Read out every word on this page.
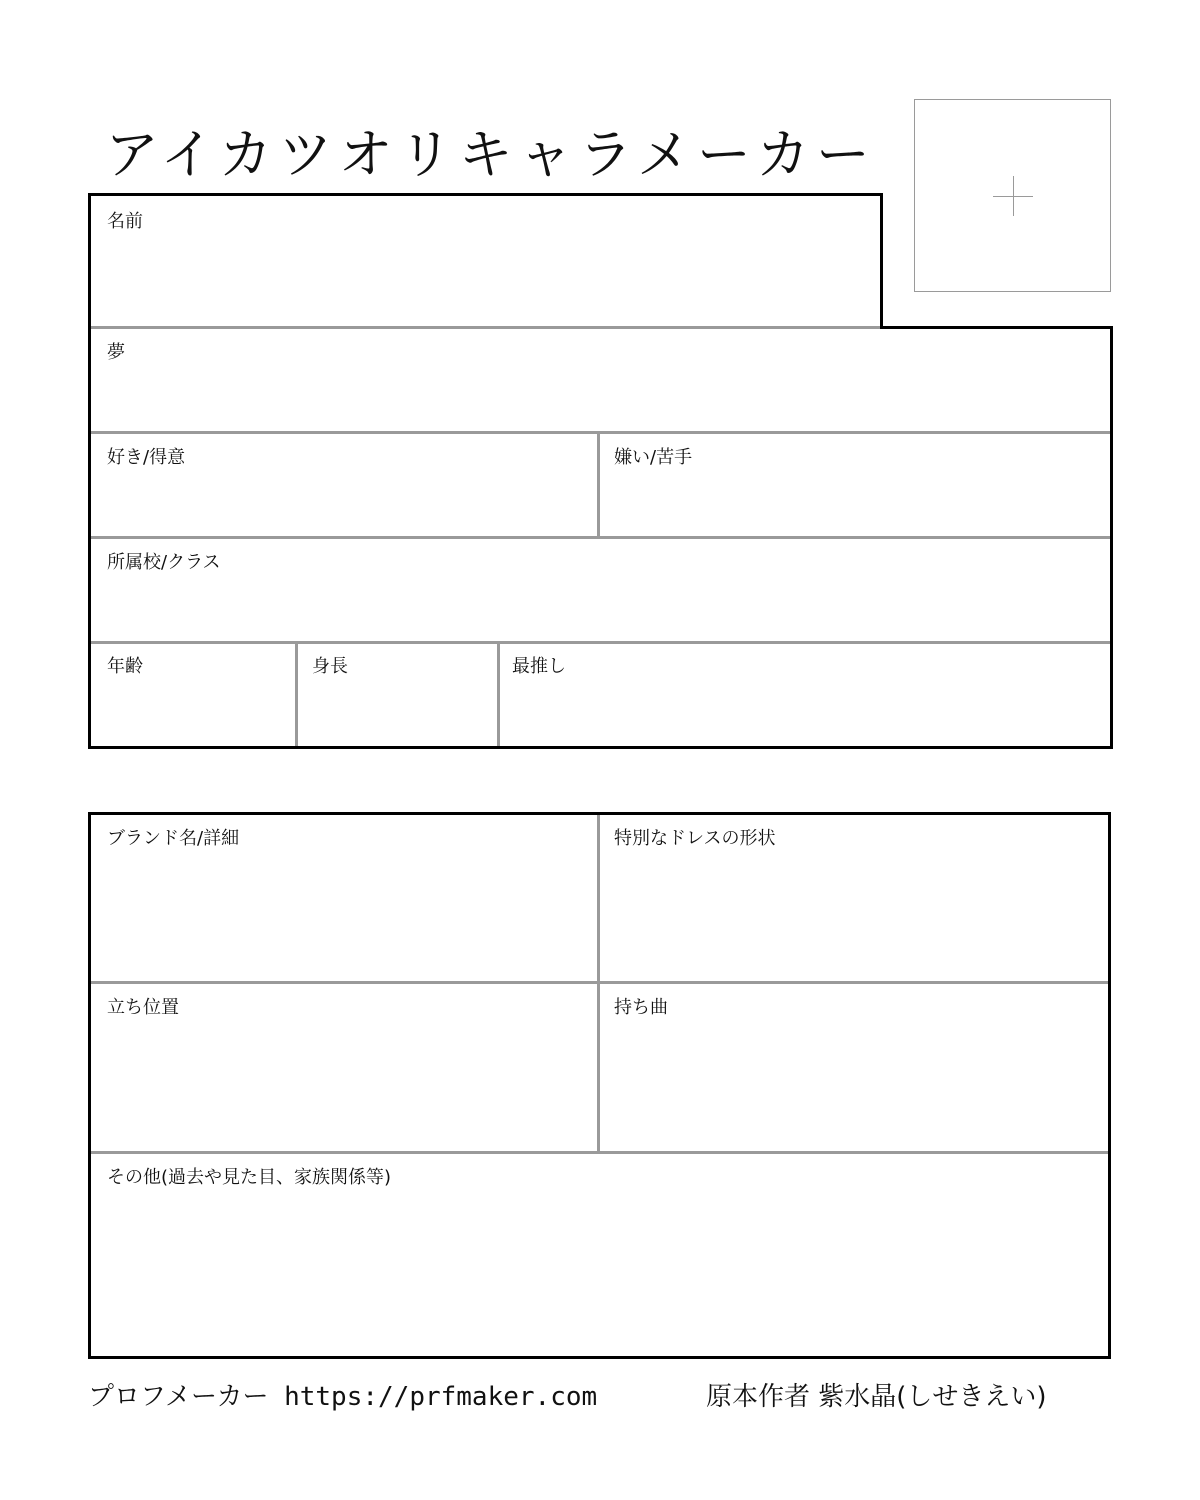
アイカツオリキャラメーカー
名前
夢
好き/得意	嫌い/苦手
所属校/クラス
年齢	身長	最推し
ブランド名/詳細	特別なドレスの形状
立ち位置	持ち曲
その他(過去や見た目、家族関係等)
プロフメーカー https://prfmaker.com	原本作者 紫水晶(しせきえい)
